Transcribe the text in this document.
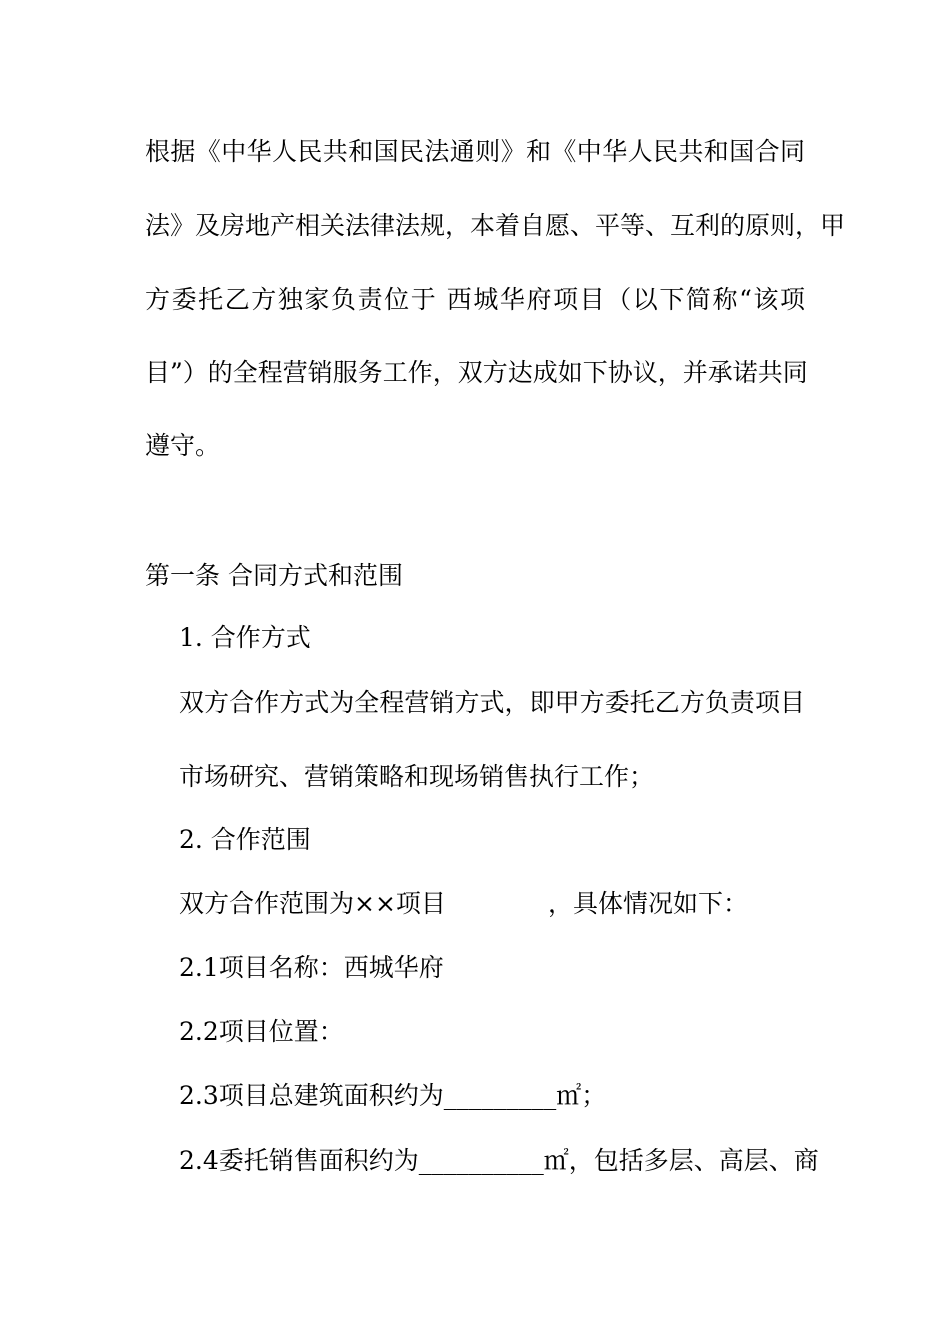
根据《中华人民共和国民法通则》和《中华人民共和国合同
法》及房地产相关法律法规，本着自愿、平等、互利的原则，甲
方委托乙方独家负责位于 西城华府项目（以下简称“该项
目”）的全程营销服务工作，双方达成如下协议，并承诺共同
遵守。
第一条 合同方式和范围
1. 合作方式
双方合作方式为全程营销方式，即甲方委托乙方负责项目
市场研究、营销策略和现场销售执行工作；
2. 合作范围
双方合作范围为××项目	，具体情况如下：
2.1项目名称：西城华府
2.2项目位置：
2.3项目总建筑面积约为_________㎡；
2.4委托销售面积约为__________㎡，包括多层、高层、商
